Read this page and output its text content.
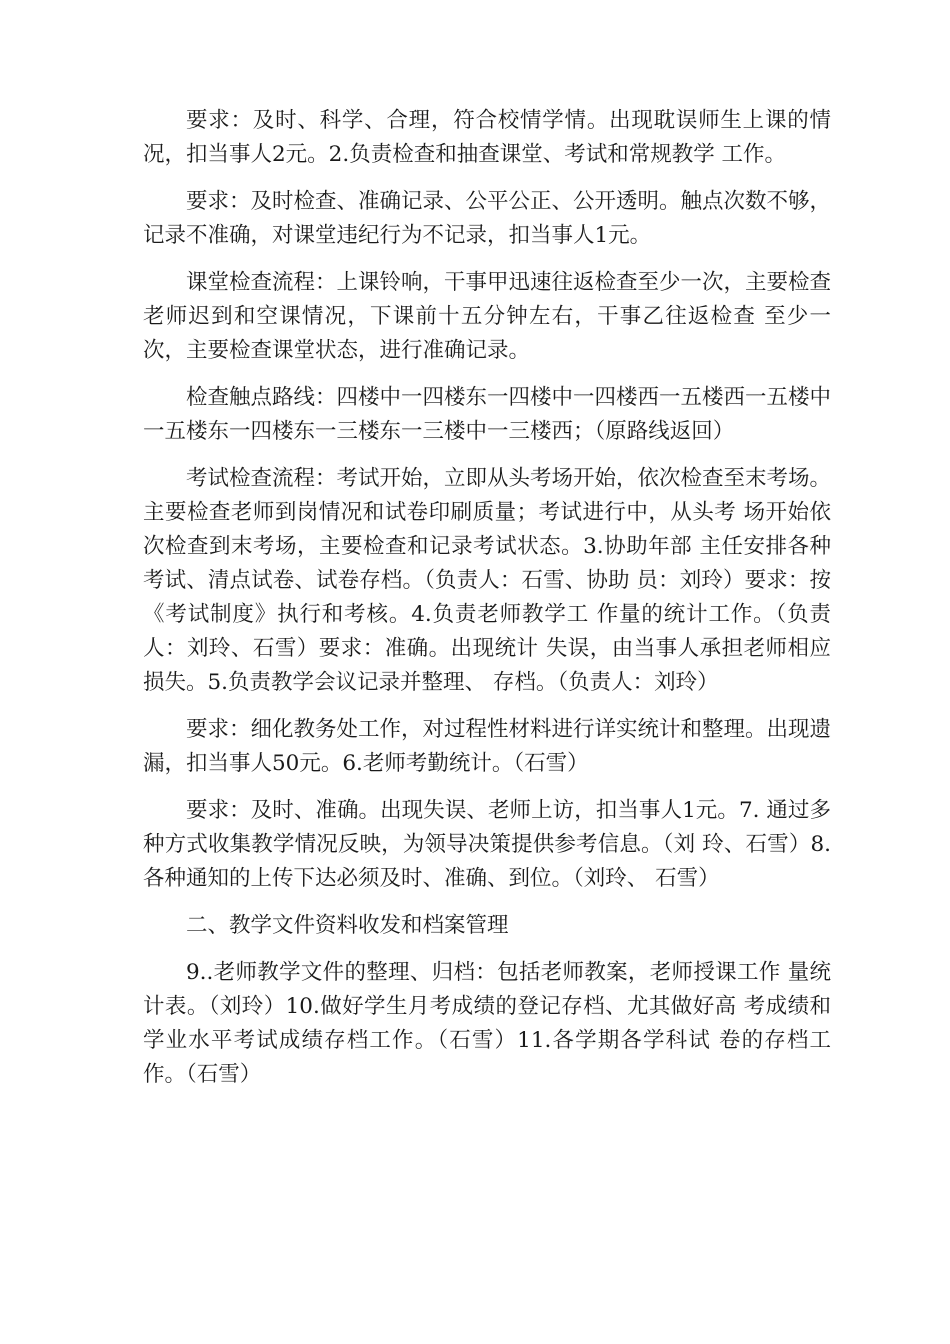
要求：及时、科学、合理，符合校情学情。出现耽误师生上课的情况，扣当事人2元。2.负责检查和抽查课堂、考试和常规教学 工作。

要求：及时检查、准确记录、公平公正、公开透明。触点次数不够，记录不准确，对课堂违纪行为不记录，扣当事人1元。

课堂检查流程：上课铃响，干事甲迅速往返检查至少一次，主要检查老师迟到和空课情况，下课前十五分钟左右，干事乙往返检查 至少一次，主要检查课堂状态，进行准确记录。

检查触点路线：四楼中一四楼东一四楼中一四楼西一五楼西一五楼中一五楼东一四楼东一三楼东一三楼中一三楼西；（原路线返回）

考试检查流程：考试开始，立即从头考场开始，依次检查至末考场。主要检查老师到岗情况和试卷印刷质量；考试进行中，从头考 场开始依次检查到末考场，主要检查和记录考试状态。3.协助年部 主任安排各种考试、清点试卷、试卷存档。（负责人：石雪、协助 员：刘玲）要求：按《考试制度》执行和考核。4.负责老师教学工 作量的统计工作。（负责人：刘玲、石雪）要求：准确。出现统计 失误，由当事人承担老师相应损失。5.负责教学会议记录并整理、 存档。（负责人：刘玲）

要求：细化教务处工作，对过程性材料进行详实统计和整理。出现遗漏，扣当事人50元。6.老师考勤统计。（石雪）

要求：及时、准确。出现失误、老师上访，扣当事人1元。7. 通过多种方式收集教学情况反映，为领导决策提供参考信息。（刘 玲、石雪）8.各种通知的上传下达必须及时、准确、到位。（刘玲、 石雪）

二、教学文件资料收发和档案管理

9..老师教学文件的整理、归档：包括老师教案，老师授课工作 量统计表。（刘玲）10.做好学生月考成绩的登记存档、尤其做好高 考成绩和学业水平考试成绩存档工作。（石雪）11.各学期各学科试 卷的存档工作。（石雪）
